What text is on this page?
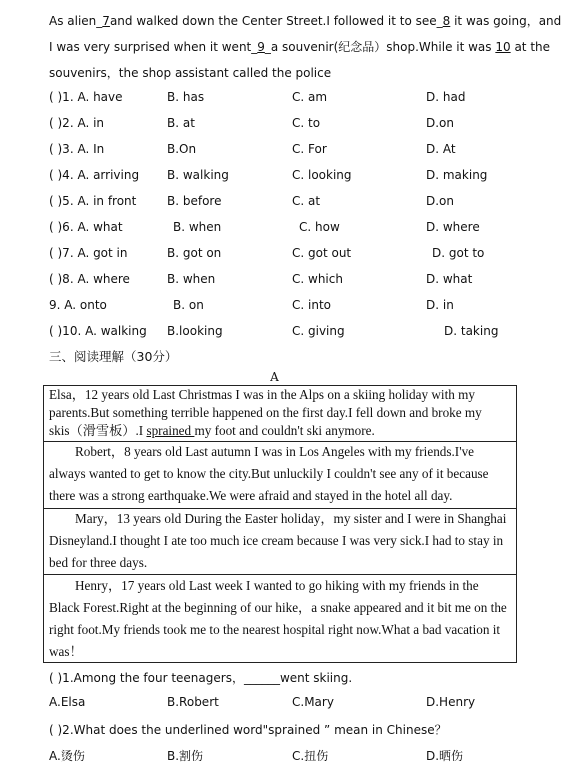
As alien_7and walked down the Center Street.I followed it to see_8 it was going，and
I was very surprised when it went_9_a souvenir(纪念品）shop.While it was 10 at the
souvenirs，the shop assistant called the police
( )1. A. have	B. has	C. am	D. had
( )2. A. in	B. at	C. to	D.on
( )3. A. In	B.On	C. For	D. At
( )4. A. arriving B. walking	C. looking	D. making
( )5. A. in front	B. before	C. at	D.on
( )6. A. what	B. when	C. how	D. where
( )7. A. got in	B. got on	C. got out	D. got to
( )8. A. where	B. when	C. which	D. what
9. A. onto	B. on	C. into	D. in
( )10. A. walking B.looking	C. giving	D. taking
三、阅读理解（30分）
A
Elsa，12 years old Last Christmas I was in the Alps on a skiing holiday with my
parents.But something terrible happened on the first day.I fell down and broke my
skis（滑雪板）.I sprained my foot and couldn't ski anymore.
Robert，8 years old Last autumn I was in Los Angeles with my friends.I've
always wanted to get to know the city.But unluckily I couldn't see any of it because
there was a strong earthquake.We were afraid and stayed in the hotel all day.
Mary，13 years old During the Easter holiday，my sister and I were in Shanghai
Disneyland.I thought I ate too much ice cream because I was very sick.I had to stay in
bed for three days.
Henry，17 years old Last week I wanted to go hiking with my friends in the
Black Forest.Right at the beginning of our hike，a snake appeared and it bit me on the
right foot.My friends took me to the nearest hospital right now.What a bad vacation it
was！
( )1.Among the four teenagers，______went skiing.
A.Elsa	B.Robert	C.Mary	D.Henry
( )2.What does the underlined word"sprained ” mean in Chinese？
A.烫伤	B.割伤	C.扭伤	D.晒伤
